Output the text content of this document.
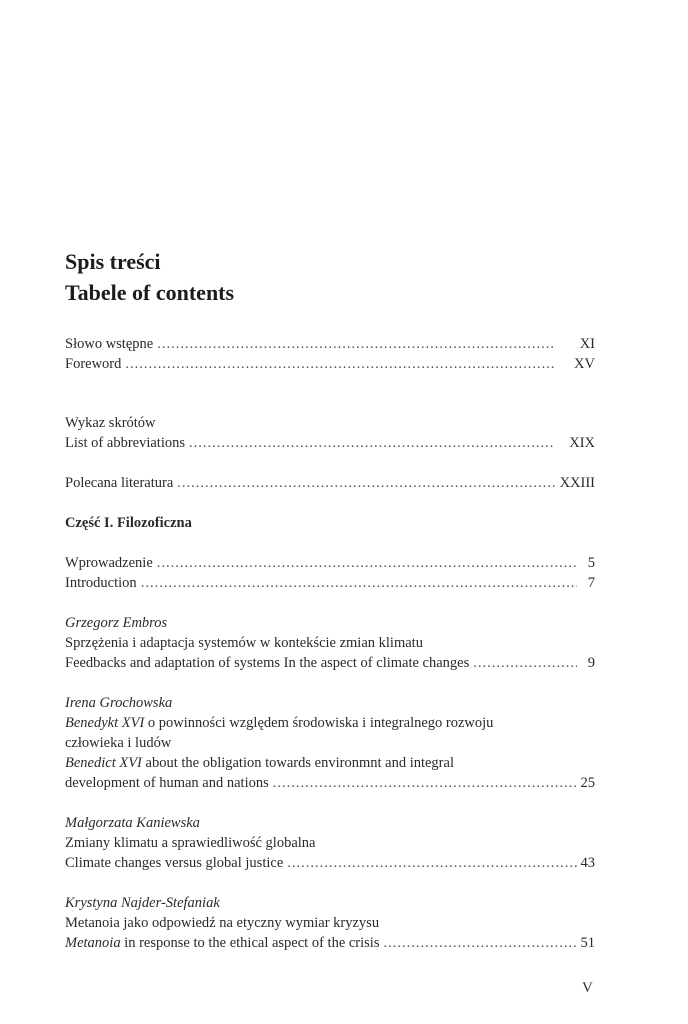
Spis treści
Tabele of contents
Słowo wstępne .....	XI
Foreword .....	XV
Wykaz skrótów
List of abbreviations .....	XIX
Polecana literatura .....	XXIII
Część I. Filozoficzna
Wprowadzenie .....	5
Introduction .....	7
Grzegorz Embros
Sprzężenia i adaptacja systemów w kontekście zmian klimatu
Feedbacks and adaptation of systems In the aspect of climate changes .....	9
Irena Grochowska
Benedykt XVI o powinności względem środowiska i integralnego rozwoju
człowieka i ludów
Benedict XVI about the obligation towards environmnt and integral
development of human and nations .....	25
Małgorzata Kaniewska
Zmiany klimatu a sprawiedliwość globalna
Climate changes versus global justice .....	43
Krystyna Najder-Stefaniak
Metanoia jako odpowiedź na etyczny wymiar kryzysu
Metanoia in response to the ethical aspect of the crisis .....	51
V
